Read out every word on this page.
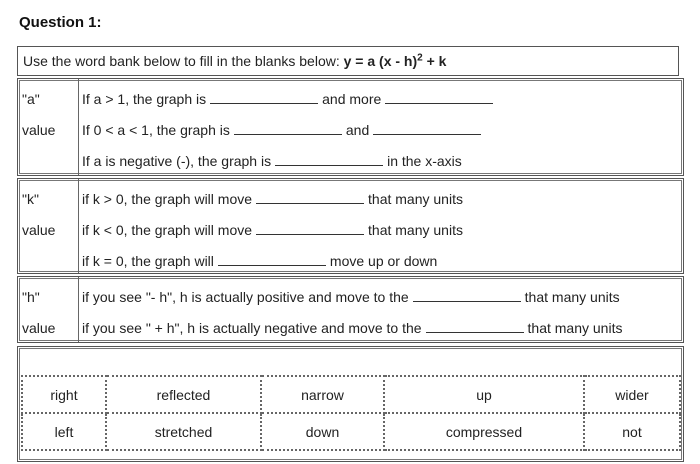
Question 1:
Use the word bank below to fill in the blanks below: y = a (x - h)$^2$ + k
"a"
value
If a > 1, the graph is	and more
If 0 < a < 1, the graph is	and
If a is negative (-), the graph is	in the x-axis
"k"
value
if k > 0, the graph will move	that many units
if k < 0, the graph will move	that many units
if k = 0, the graph will	move up or down
"h"
value
if you see "- h", h is actually positive and move to the	that many units
if you see " + h", h is actually negative and move to the	that many units
right	reflected	narrow	up	wider
left	stretched	down	compressed	not
